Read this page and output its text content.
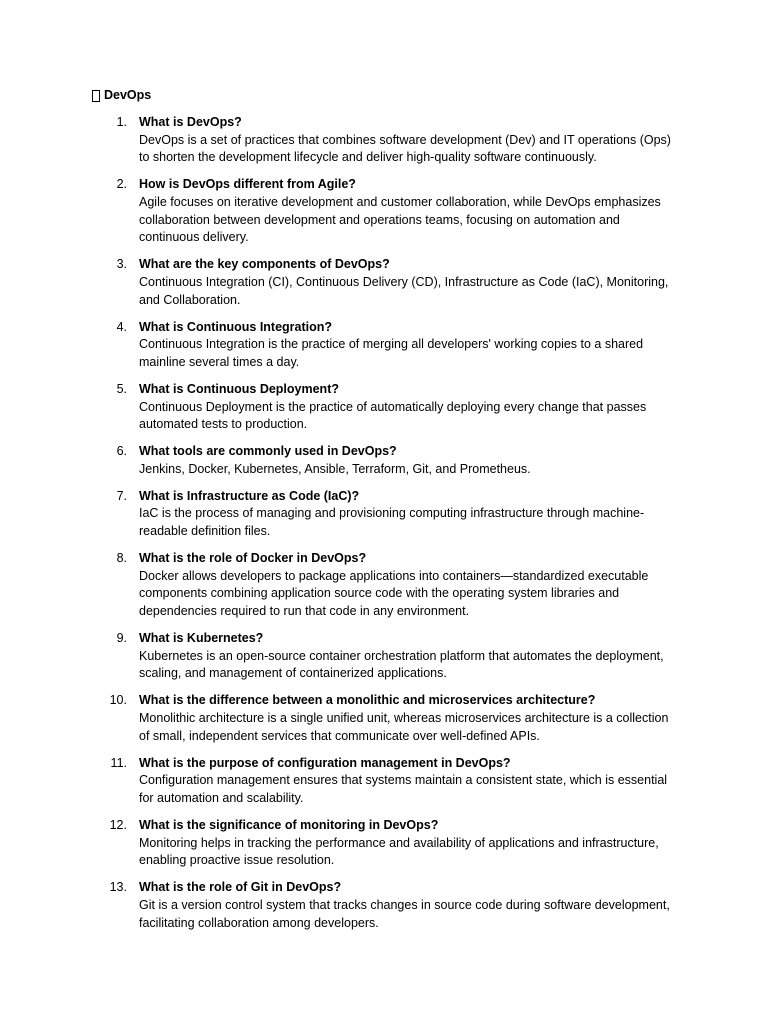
DevOps
1. What is DevOps?
DevOps is a set of practices that combines software development (Dev) and IT operations (Ops) to shorten the development lifecycle and deliver high-quality software continuously.
2. How is DevOps different from Agile?
Agile focuses on iterative development and customer collaboration, while DevOps emphasizes collaboration between development and operations teams, focusing on automation and continuous delivery.
3. What are the key components of DevOps?
Continuous Integration (CI), Continuous Delivery (CD), Infrastructure as Code (IaC), Monitoring, and Collaboration.
4. What is Continuous Integration?
Continuous Integration is the practice of merging all developers' working copies to a shared mainline several times a day.
5. What is Continuous Deployment?
Continuous Deployment is the practice of automatically deploying every change that passes automated tests to production.
6. What tools are commonly used in DevOps?
Jenkins, Docker, Kubernetes, Ansible, Terraform, Git, and Prometheus.
7. What is Infrastructure as Code (IaC)?
IaC is the process of managing and provisioning computing infrastructure through machine-readable definition files.
8. What is the role of Docker in DevOps?
Docker allows developers to package applications into containers—standardized executable components combining application source code with the operating system libraries and dependencies required to run that code in any environment.
9. What is Kubernetes?
Kubernetes is an open-source container orchestration platform that automates the deployment, scaling, and management of containerized applications.
10. What is the difference between a monolithic and microservices architecture?
Monolithic architecture is a single unified unit, whereas microservices architecture is a collection of small, independent services that communicate over well-defined APIs.
11. What is the purpose of configuration management in DevOps?
Configuration management ensures that systems maintain a consistent state, which is essential for automation and scalability.
12. What is the significance of monitoring in DevOps?
Monitoring helps in tracking the performance and availability of applications and infrastructure, enabling proactive issue resolution.
13. What is the role of Git in DevOps?
Git is a version control system that tracks changes in source code during software development, facilitating collaboration among developers.
